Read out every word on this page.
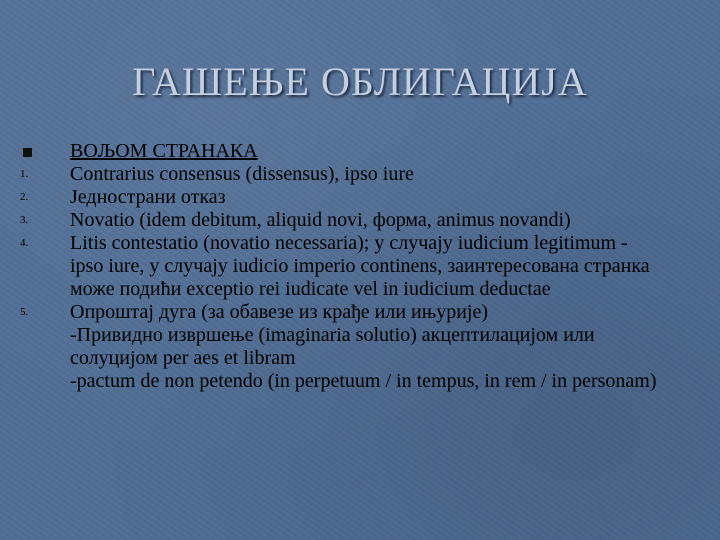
ГАШЕЊЕ ОБЛИГАЦИЈА
ВОЉОМ СТРАНАКА
1.	Contrarius consensus (dissensus), ipso iure
2.	Једнострани отказ
3.	Novatio (idem debitum, aliquid novi, форма, animus novandi)
4.	Litis contestatio (novatio necessaria); у случају iudicium legitimum - ipso iure, у случају iudicio imperio continens, заинтересована странка може подићи exceptio rei iudicate vel in iudicium deductae
5.	Опроштај дуга (за обавезе из крађе или ињурије)
-Привидно извршење (imaginaria solutio) акцептилацијом или солуцијом per aes et libram
-pactum de non petendo (in perpetuum / in tempus, in rem / in personam)
